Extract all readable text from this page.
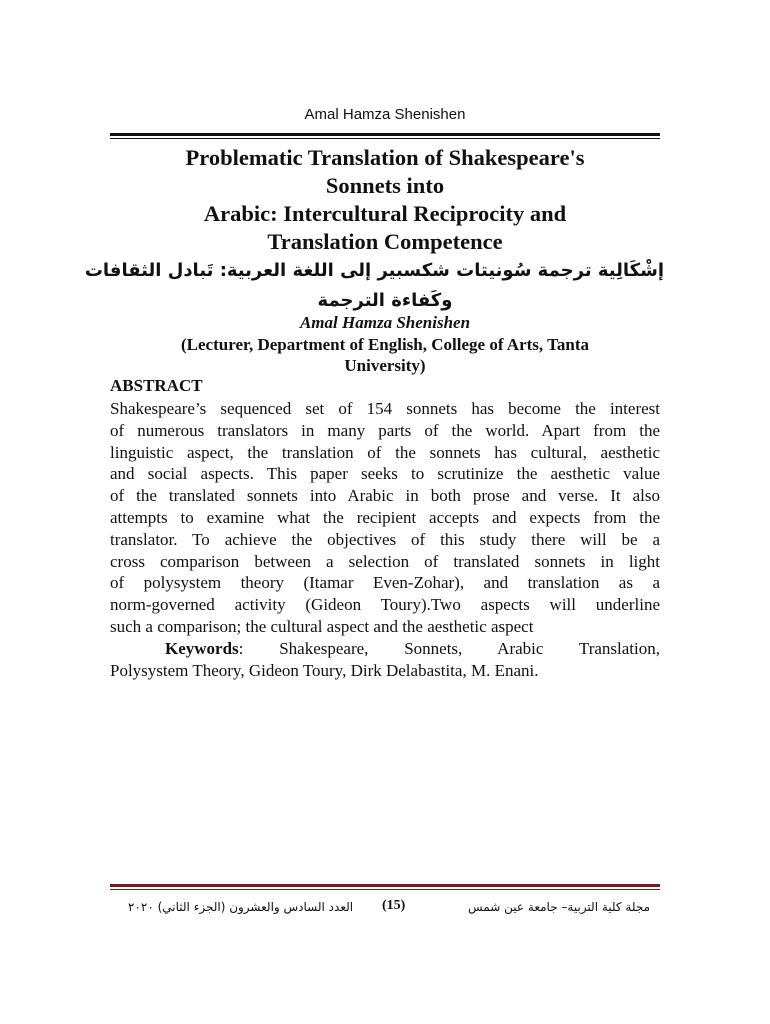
Amal Hamza Shenishen
Problematic Translation of Shakespeare's
Sonnets into
Arabic: Intercultural Reciprocity and
Translation Competence
إشْكَالِية ترجمة سُونيتات شكسبير إلى اللغة العربية: تَبادل الثقافات
وكَفاءة الترجمة
Amal Hamza Shenishen
(Lecturer, Department of English, College of Arts, Tanta
University)
ABSTRACT
Shakespeare’s sequenced set of 154 sonnets has become the interest
of numerous translators in many parts of the world. Apart from the
linguistic aspect, the translation of the sonnets has cultural, aesthetic
and social aspects. This paper seeks to scrutinize the aesthetic value
of the translated sonnets into Arabic in both prose and verse. It also
attempts to examine what the recipient accepts and expects from the
translator. To achieve the objectives of this study there will be a
cross comparison between a selection of translated sonnets in light
of polysystem theory (Itamar Even-Zohar), and translation as a
norm-governed activity (Gideon Toury).Two aspects will underline
such a comparison; the cultural aspect and the aesthetic aspect
Keywords: Shakespeare, Sonnets, Arabic Translation,
Polysystem Theory, Gideon Toury, Dirk Delabastita, M. Enani.
العدد السادس والعشرون (الجزء الثاني) ٢٠٢٠ (15)	مجلة كلية التربية– جامعة عين شمس
